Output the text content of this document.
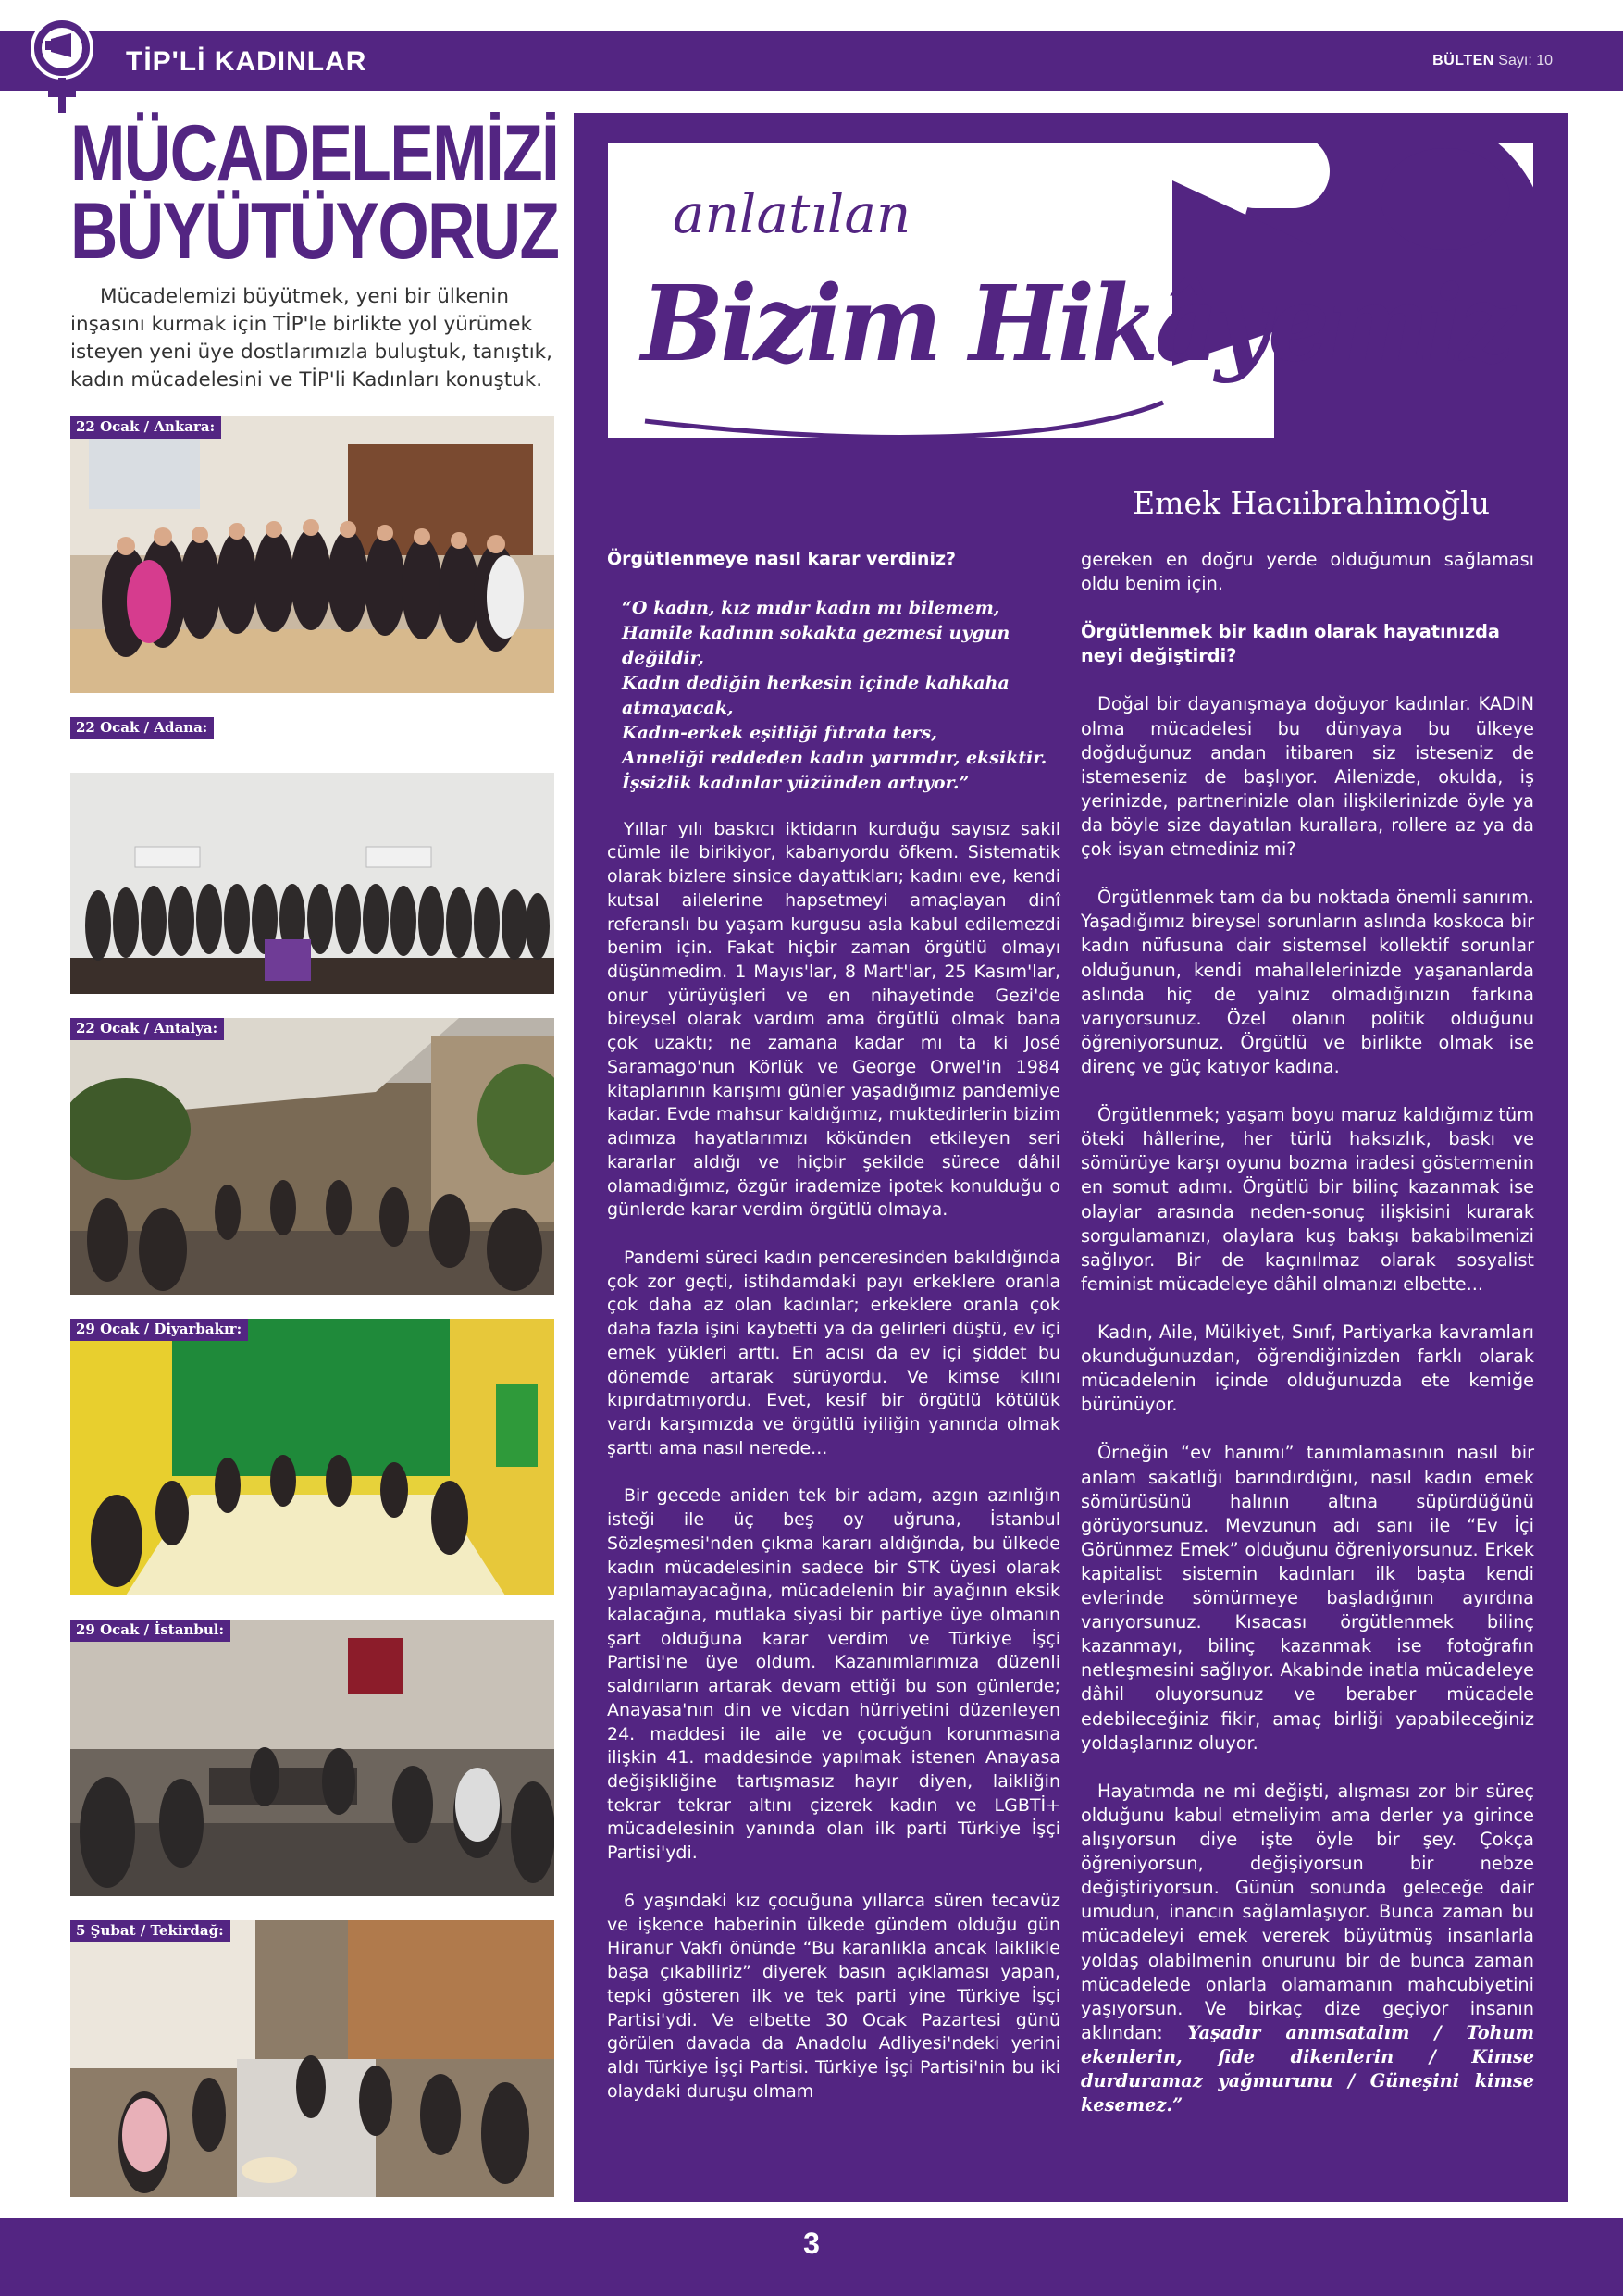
TİP'Lİ KADINLAR	BÜLTEN Sayı: 10
MÜCADELEMİZİ
BÜYÜTÜYORUZ

Mücadelemizi büyütmek, yeni bir ülkenin inşasını kurmak için TİP'le birlikte yol yürümek isteyen yeni üye dostlarımızla buluştuk, tanıştık, kadın mücadelesini ve TİP'li Kadınları konuştuk.

22 Ocak / Ankara:
22 Ocak / Adana:
22 Ocak / Antalya:
29 Ocak / Diyarbakır:
29 Ocak / İstanbul:
5 Şubat / Tekirdağ:

anlatılan

Bizim Hikâyemiz

Emek Hacıibrahimoğlu

Örgütlenmeye nasıl karar verdiniz?

“O kadın, kız mıdır kadın mı bilemem,
Hamile kadının sokakta gezmesi uygun değildir,
Kadın dediğin herkesin içinde kahkaha atmayacak,
Kadın-erkek eşitliği fıtrata ters,
Anneliği reddeden kadın yarımdır, eksiktir.
İşsizlik kadınlar yüzünden artıyor.”

Yıllar yılı baskıcı iktidarın kurduğu sayısız sakil cümle ile birikiyor, kabarıyordu öfkem. Sistematik olarak bizlere sinsice dayattıkları; kadını eve, kendi kutsal ailelerine hapsetmeyi amaçlayan dinî referanslı bu yaşam kurgusu asla kabul edilemezdi benim için. Fakat hiçbir zaman örgütlü olmayı düşünmedim. 1 Mayıs'lar, 8 Mart'lar, 25 Kasım'lar, onur yürüyüşleri ve en nihayetinde Gezi'de bireysel olarak vardım ama örgütlü olmak bana çok uzaktı; ne zamana kadar mı ta ki José Saramago'nun Körlük ve George Orwel'in 1984 kitaplarının karışımı günler yaşadığımız pandemiye kadar. Evde mahsur kaldığımız, muktedirlerin bizim adımıza hayatlarımızı kökünden etkileyen seri kararlar aldığı ve hiçbir şekilde sürece dâhil olamadığımız, özgür irademize ipotek konulduğu o günlerde karar verdim örgütlü olmaya.

Pandemi süreci kadın penceresinden bakıldığında çok zor geçti, istihdamdaki payı erkeklere oranla çok daha az olan kadınlar; erkeklere oranla çok daha fazla işini kaybetti ya da gelirleri düştü, ev içi emek yükleri arttı. En acısı da ev içi şiddet bu dönemde artarak sürüyordu. Ve kimse kılını kıpırdatmıyordu. Evet, kesif bir örgütlü kötülük vardı karşımızda ve örgütlü iyiliğin yanında olmak şarttı ama nasıl nerede...

Bir gecede aniden tek bir adam, azgın azınlığın isteği ile üç beş oy uğruna, İstanbul Sözleşmesi'nden çıkma kararı aldığında, bu ülkede kadın mücadelesinin sadece bir STK üyesi olarak yapılamayacağına, mücadelenin bir ayağının eksik kalacağına, mutlaka siyasi bir partiye üye olmanın şart olduğuna karar verdim ve Türkiye İşçi Partisi'ne üye oldum. Kazanımlarımıza düzenli saldırıların artarak devam ettiği bu son günlerde; Anayasa'nın din ve vicdan hürriyetini düzenleyen 24. maddesi ile aile ve çocuğun korunmasına ilişkin 41. maddesinde yapılmak istenen Anayasa değişikliğine tartışmasız hayır diyen, laikliğin tekrar tekrar altını çizerek kadın ve LGBTİ+ mücadelesinin yanında olan ilk parti Türkiye İşçi Partisi'ydi.

6 yaşındaki kız çocuğuna yıllarca süren tecavüz ve işkence haberinin ülkede gündem olduğu gün Hiranur Vakfı önünde “Bu karanlıkla ancak laiklikle başa çıkabiliriz” diyerek basın açıklaması yapan, tepki gösteren ilk ve tek parti yine Türkiye İşçi Partisi'ydi. Ve elbette 30 Ocak Pazartesi günü görülen davada da Anadolu Adliyesi'ndeki yerini aldı Türkiye İşçi Partisi. Türkiye İşçi Partisi'nin bu iki olaydaki duruşu olmam

gereken en doğru yerde olduğumun sağlaması oldu benim için.

Örgütlenmek bir kadın olarak hayatınızda neyi değiştirdi?

Doğal bir dayanışmaya doğuyor kadınlar. KADIN olma mücadelesi bu dünyaya bu ülkeye doğduğunuz andan itibaren siz isteseniz de istemeseniz de başlıyor. Ailenizde, okulda, iş yerinizde, partnerinizle olan ilişkilerinizde öyle ya da böyle size dayatılan kurallara, rollere az ya da çok isyan etmediniz mi?

Örgütlenmek tam da bu noktada önemli sanırım. Yaşadığımız bireysel sorunların aslında koskoca bir kadın nüfusuna dair sistemsel kollektif sorunlar olduğunun, kendi mahallelerinizde yaşananlarda aslında hiç de yalnız olmadığınızın farkına varıyorsunuz. Özel olanın politik olduğunu öğreniyorsunuz. Örgütlü ve birlikte olmak ise direnç ve güç katıyor kadına.

Örgütlenmek; yaşam boyu maruz kaldığımız tüm öteki hâllerine, her türlü haksızlık, baskı ve sömürüye karşı oyunu bozma iradesi göstermenin en somut adımı. Örgütlü bir bilinç kazanmak ise olaylar arasında neden-sonuç ilişkisini kurarak sorgulamanızı, olaylara kuş bakışı bakabilmenizi sağlıyor. Bir de kaçınılmaz olarak sosyalist feminist mücadeleye dâhil olmanızı elbette...

Kadın, Aile, Mülkiyet, Sınıf, Partiyarka kavramları okunduğunuzdan, öğrendiğinizden farklı olarak mücadelenin içinde olduğunuzda ete kemiğe bürünüyor.

Örneğin “ev hanımı” tanımlamasının nasıl bir anlam sakatlığı barındırdığını, nasıl kadın emek sömürüsünü halının altına süpürdüğünü görüyorsunuz. Mevzunun adı sanı ile “Ev İçi Görünmez Emek” olduğunu öğreniyorsunuz. Erkek kapitalist sistemin kadınları ilk başta kendi evlerinde sömürmeye başladığının ayırdına varıyorsunuz. Kısacası örgütlenmek bilinç kazanmayı, bilinç kazanmak ise fotoğrafın netleşmesini sağlıyor. Akabinde inatla mücadeleye dâhil oluyorsunuz ve beraber mücadele edebileceğiniz fikir, amaç birliği yapabileceğiniz yoldaşlarınız oluyor.

Hayatımda ne mi değişti, alışması zor bir süreç olduğunu kabul etmeliyim ama derler ya girince alışıyorsun diye işte öyle bir şey. Çokça öğreniyorsun, değişiyorsun bir nebze değiştiriyorsun. Günün sonunda geleceğe dair umudun, inancın sağlamlaşıyor. Bunca zaman bu mücadeleyi emek vererek büyütmüş insanlarla yoldaş olabilmenin onurunu bir de bunca zaman mücadelede onlarla olamamanın mahcubiyetini yaşıyorsun. Ve birkaç dize geçiyor insanın aklından: Yaşadır anımsatalım / Tohum ekenlerin, fide dikenlerin / Kimse durduramaz yağmurunu / Güneşini kimse kesemez.”

3
